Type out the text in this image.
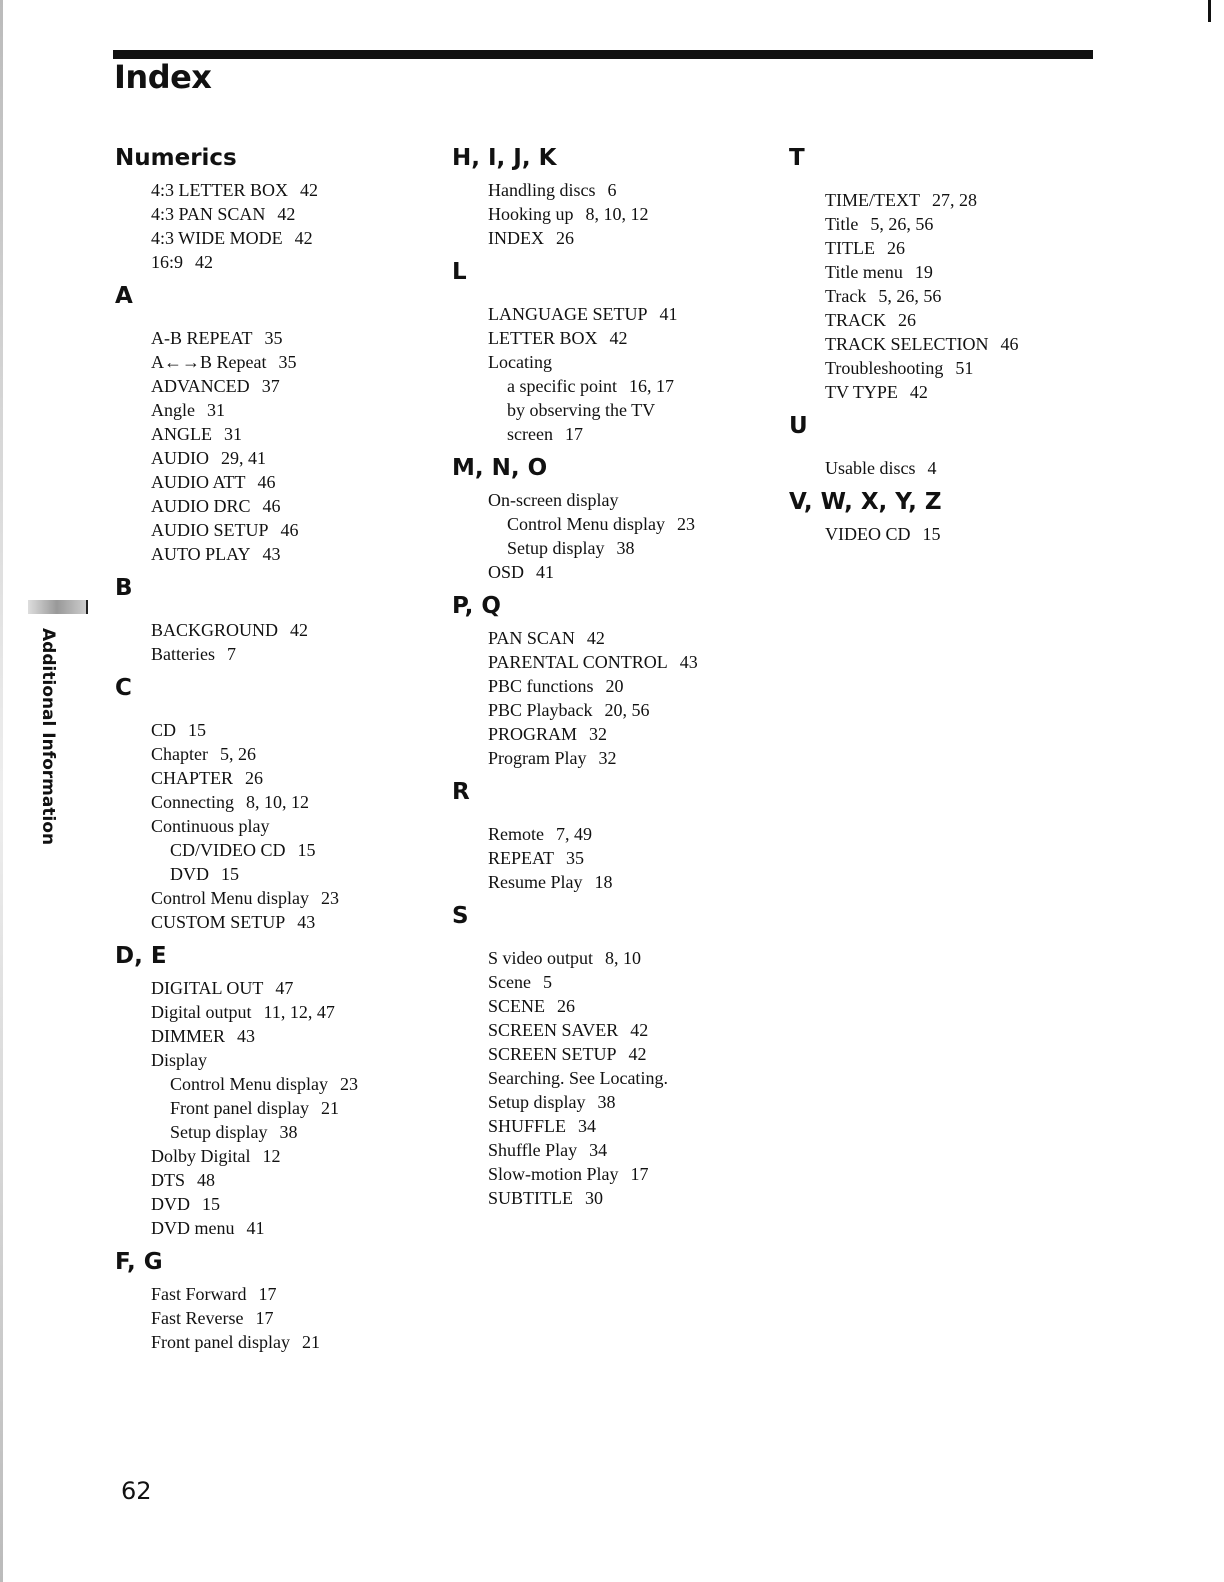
Index
Numerics
4:3 LETTER BOX 42
4:3 PAN SCAN 42
4:3 WIDE MODE 42
16:9 42
A
A-B REPEAT 35
A←→B Repeat 35
ADVANCED 37
Angle 31
ANGLE 31
AUDIO 29, 41
AUDIO ATT 46
AUDIO DRC 46
AUDIO SETUP 46
AUTO PLAY 43
B
BACKGROUND 42
Batteries 7
C
CD 15
Chapter 5, 26
CHAPTER 26
Connecting 8, 10, 12
Continuous play
CD/VIDEO CD 15
DVD 15
Control Menu display 23
CUSTOM SETUP 43
D, E
DIGITAL OUT 47
Digital output 11, 12, 47
DIMMER 43
Display
Control Menu display 23
Front panel display 21
Setup display 38
Dolby Digital 12
DTS 48
DVD 15
DVD menu 41
F, G
Fast Forward 17
Fast Reverse 17
Front panel display 21
H, I, J, K
Handling discs 6
Hooking up 8, 10, 12
INDEX 26
L
LANGUAGE SETUP 41
LETTER BOX 42
Locating
a specific point 16, 17
by observing the TV
screen 17
M, N, O
On-screen display
Control Menu display 23
Setup display 38
OSD 41
P, Q
PAN SCAN 42
PARENTAL CONTROL 43
PBC functions 20
PBC Playback 20, 56
PROGRAM 32
Program Play 32
R
Remote 7, 49
REPEAT 35
Resume Play 18
S
S video output 8, 10
Scene 5
SCENE 26
SCREEN SAVER 42
SCREEN SETUP 42
Searching. See Locating.
Setup display 38
SHUFFLE 34
Shuffle Play 34
Slow-motion Play 17
SUBTITLE 30
T
TIME/TEXT 27, 28
Title 5, 26, 56
TITLE 26
Title menu 19
Track 5, 26, 56
TRACK 26
TRACK SELECTION 46
Troubleshooting 51
TV TYPE 42
U
Usable discs 4
V, W, X, Y, Z
VIDEO CD 15
Additional Information
62
